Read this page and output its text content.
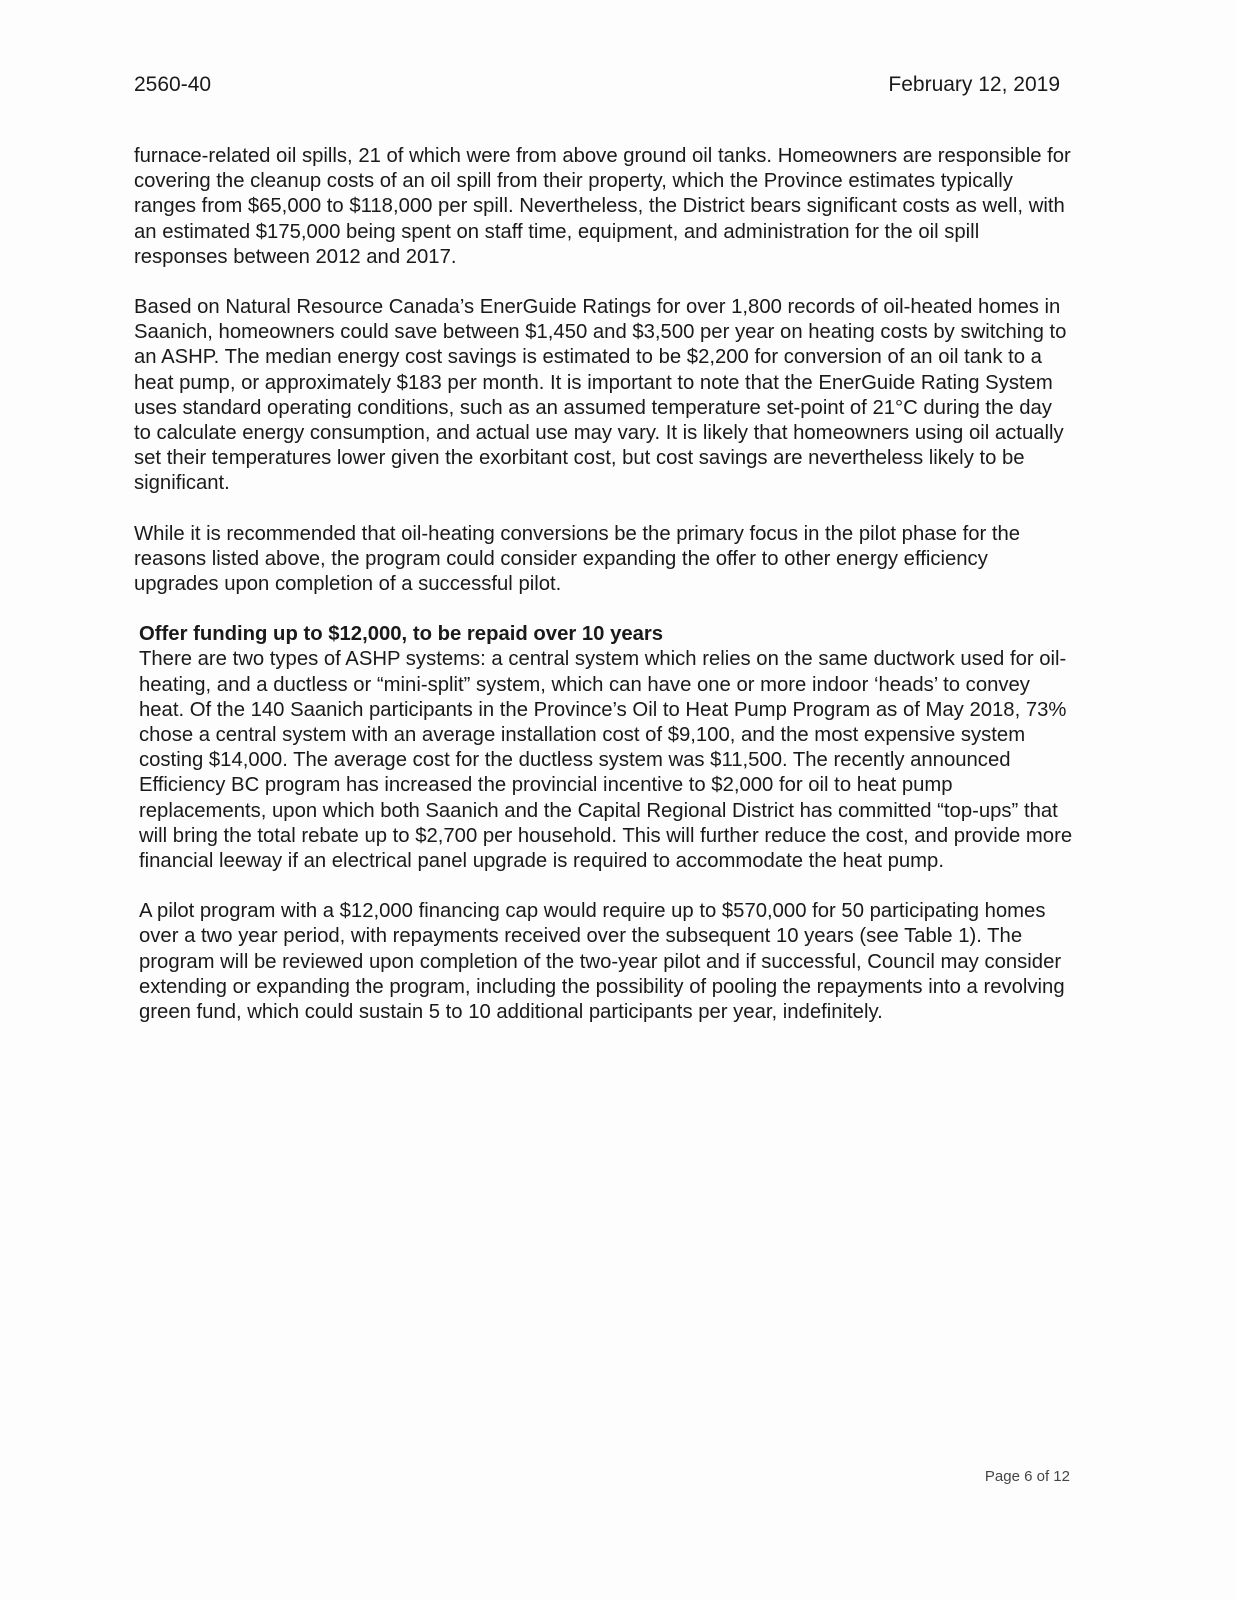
2560-40	February 12, 2019

furnace-related oil spills, 21 of which were from above ground oil tanks. Homeowners are responsible for covering the cleanup costs of an oil spill from their property, which the Province estimates typically ranges from $65,000 to $118,000 per spill. Nevertheless, the District bears significant costs as well, with an estimated $175,000 being spent on staff time, equipment, and administration for the oil spill responses between 2012 and 2017.

Based on Natural Resource Canada’s EnerGuide Ratings for over 1,800 records of oil-heated homes in Saanich, homeowners could save between $1,450 and $3,500 per year on heating costs by switching to an ASHP. The median energy cost savings is estimated to be $2,200 for conversion of an oil tank to a heat pump, or approximately $183 per month. It is important to note that the EnerGuide Rating System uses standard operating conditions, such as an assumed temperature set-point of 21°C during the day to calculate energy consumption, and actual use may vary. It is likely that homeowners using oil actually set their temperatures lower given the exorbitant cost, but cost savings are nevertheless likely to be significant.

While it is recommended that oil-heating conversions be the primary focus in the pilot phase for the reasons listed above, the program could consider expanding the offer to other energy efficiency upgrades upon completion of a successful pilot.

Offer funding up to $12,000, to be repaid over 10 years

There are two types of ASHP systems: a central system which relies on the same ductwork used for oil-heating, and a ductless or “mini-split” system, which can have one or more indoor ‘heads’ to convey heat. Of the 140 Saanich participants in the Province’s Oil to Heat Pump Program as of May 2018, 73% chose a central system with an average installation cost of $9,100, and the most expensive system costing $14,000. The average cost for the ductless system was $11,500. The recently announced Efficiency BC program has increased the provincial incentive to $2,000 for oil to heat pump replacements, upon which both Saanich and the Capital Regional District has committed “top-ups” that will bring the total rebate up to $2,700 per household. This will further reduce the cost, and provide more financial leeway if an electrical panel upgrade is required to accommodate the heat pump.

A pilot program with a $12,000 financing cap would require up to $570,000 for 50 participating homes over a two year period, with repayments received over the subsequent 10 years (see Table 1). The program will be reviewed upon completion of the two-year pilot and if successful, Council may consider extending or expanding the program, including the possibility of pooling the repayments into a revolving green fund, which could sustain 5 to 10 additional participants per year, indefinitely.

Page 6 of 12
